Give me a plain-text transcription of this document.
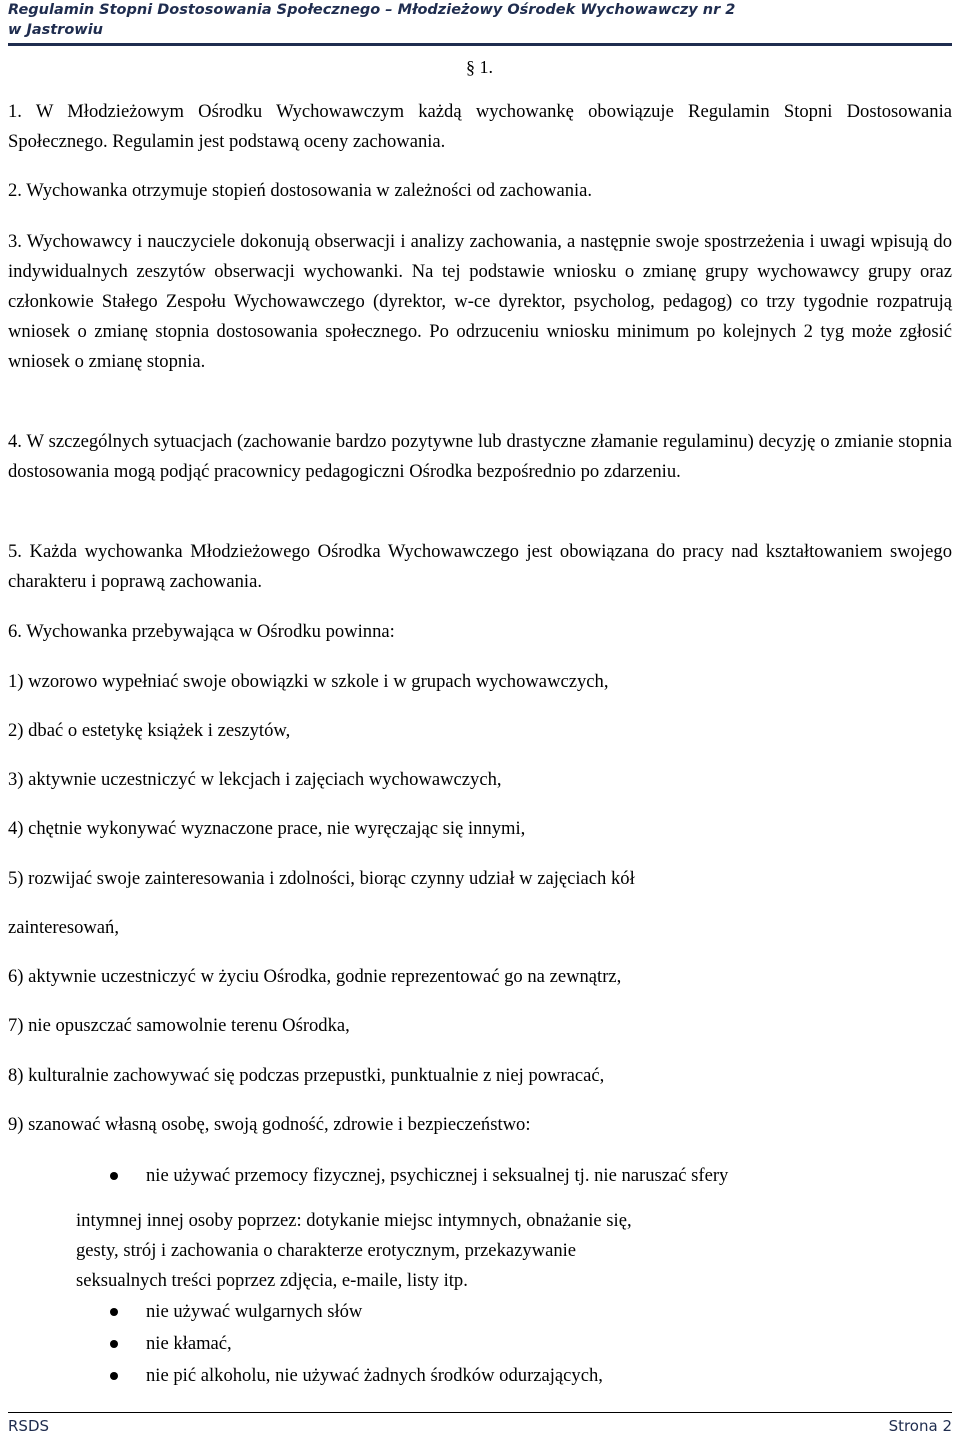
Regulamin Stopni Dostosowania Społecznego – Młodzieżowy Ośrodek Wychowawczy nr 2
w Jastrowiu
§ 1.
1. W Młodzieżowym Ośrodku Wychowawczym każdą wychowankę obowiązuje Regulamin Stopni Dostosowania Społecznego. Regulamin jest podstawą oceny zachowania.
2. Wychowanka otrzymuje stopień dostosowania w zależności od zachowania.
3. Wychowawcy i nauczyciele dokonują obserwacji i analizy zachowania, a następnie swoje spostrzeżenia i uwagi wpisują do indywidualnych zeszytów obserwacji wychowanki. Na tej podstawie wniosku o zmianę grupy wychowawcy grupy oraz członkowie Stałego Zespołu Wychowawczego (dyrektor, w-ce dyrektor, psycholog, pedagog) co trzy tygodnie rozpatrują wniosek o zmianę stopnia dostosowania społecznego. Po odrzuceniu wniosku minimum po kolejnych 2 tyg może zgłosić wniosek o zmianę stopnia.
4. W szczególnych sytuacjach (zachowanie bardzo pozytywne lub drastyczne złamanie regulaminu) decyzję o zmianie stopnia dostosowania mogą podjąć pracownicy pedagogiczni Ośrodka bezpośrednio po zdarzeniu.
5. Każda wychowanka Młodzieżowego Ośrodka Wychowawczego jest obowiązana do pracy nad kształtowaniem swojego charakteru i poprawą zachowania.
6. Wychowanka przebywająca w Ośrodku powinna:
1) wzorowo wypełniać swoje obowiązki w szkole i w grupach wychowawczych,
2) dbać o estetykę książek i zeszytów,
3) aktywnie uczestniczyć w lekcjach i zajęciach wychowawczych,
4) chętnie wykonywać wyznaczone prace, nie wyręczając się innymi,
5) rozwijać swoje zainteresowania i zdolności, biorąc czynny udział w zajęciach kół
zainteresowań,
6) aktywnie uczestniczyć w życiu Ośrodka, godnie reprezentować go na zewnątrz,
7) nie opuszczać samowolnie terenu Ośrodka,
8) kulturalnie zachowywać się podczas przepustki, punktualnie z niej powracać,
9) szanować własną osobę, swoją godność, zdrowie i bezpieczeństwo:
nie używać przemocy fizycznej, psychicznej i seksualnej tj. nie naruszać sfery
intymnej innej osoby poprzez: dotykanie miejsc intymnych, obnażanie się,
gesty, strój i zachowania o charakterze erotycznym, przekazywanie
seksualnych treści poprzez zdjęcia, e-maile, listy itp.
nie używać wulgarnych słów
nie kłamać,
nie pić alkoholu, nie używać żadnych środków odurzających,
RSDS	Strona 2
